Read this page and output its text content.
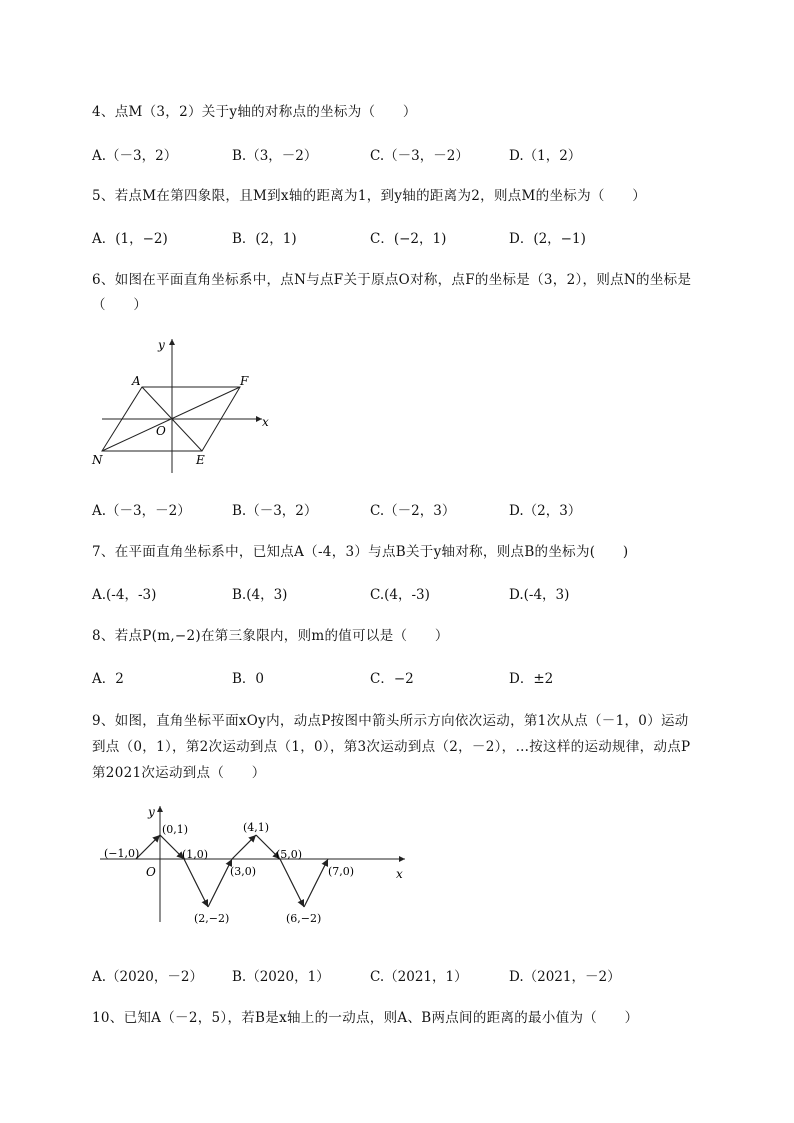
4、点M（3，2）关于y轴的对称点的坐标为（　　）
A.（－3，2）	B.（3，－2）	C.（－3，－2）	D.（1，2）
5、若点M在第四象限，且M到x轴的距离为1，到y轴的距离为2，则点M的坐标为（　　）
A．(1，−2)	B．(2，1)	C．(−2，1)	D．(2，−1)
6、如图在平面直角坐标系中，点N与点F关于原点O对称，点F的坐标是（3，2），则点N的坐标是
（　　）
y
x
A	F
O
N	E
A.（－3，－2）	B.（－3，2）	C.（－2，3）	D.（2，3）
7、在平面直角坐标系中，已知点A（-4，3）与点B关于y轴对称，则点B的坐标为(　　)
A.(-4，-3)	B.(4，3)	C.(4，-3)	D.(-4，3)
8、若点P(m,−2)在第三象限内，则m的值可以是（　　）
A．2	B．0	C．−2	D．±2
9、如图，直角坐标平面xOy内，动点P按图中箭头所示方向依次运动，第1次从点（－1，0）运动
到点（0，1），第2次运动到点（1，0），第3次运动到点（2，－2），…按这样的运动规律，动点P
第2021次运动到点（　　）
y
x
O
(−1,0)
(0,1)
(1,0)
(2,−2)
(3,0)
(4,1)
(5,0)
(6,−2)
(7,0)
A.（2020，－2） B.（2020，1）	C.（2021，1）	D.（2021，－2）
10、已知A（－2，5），若B是x轴上的一动点，则A、B两点间的距离的最小值为（　　）
